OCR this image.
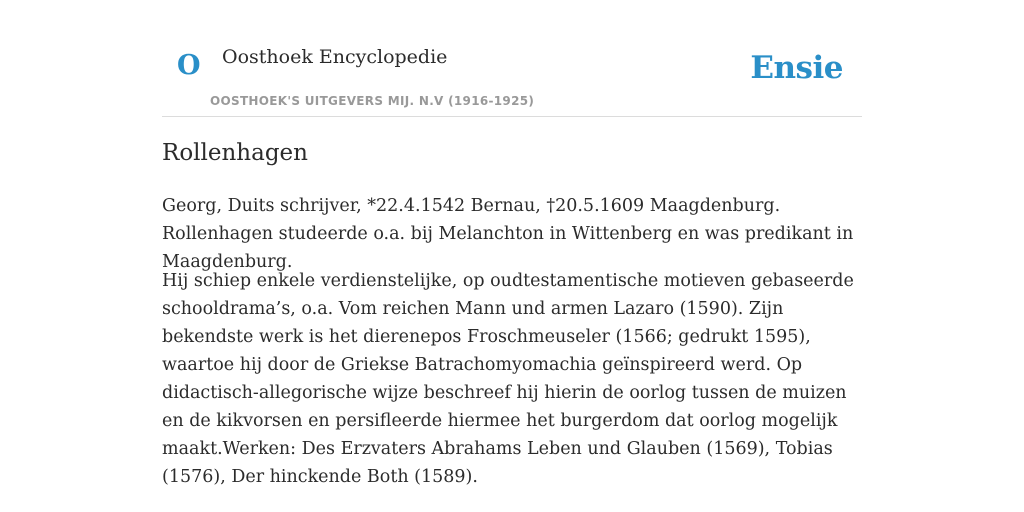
O Oosthoek Encyclopedie
OOSTHOEK'S UITGEVERS MIJ. N.V (1916-1925)
Ensie
Rollenhagen

Georg, Duits schrijver, *22.4.1542 Bernau, †20.5.1609 Maagdenburg. Rollenhagen studeerde o.a. bij Melanchton in Wittenberg en was predikant in Maagdenburg.

Hij schiep enkele verdienstelijke, op oudtestamentische motieven gebaseerde schooldrama’s, o.a. Vom reichen Mann und armen Lazaro (1590). Zijn bekendste werk is het dierenepos Froschmeuseler (1566; gedrukt 1595), waartoe hij door de Griekse Batrachomyomachia geïnspireerd werd. Op didactisch-allegorische wijze beschreef hij hierin de oorlog tussen de muizen en de kikvorsen en persifleerde hiermee het burgerdom dat oorlog mogelijk maakt.Werken: Des Erzvaters Abrahams Leben und Glauben (1569), Tobias (1576), Der hinckende Both (1589).
